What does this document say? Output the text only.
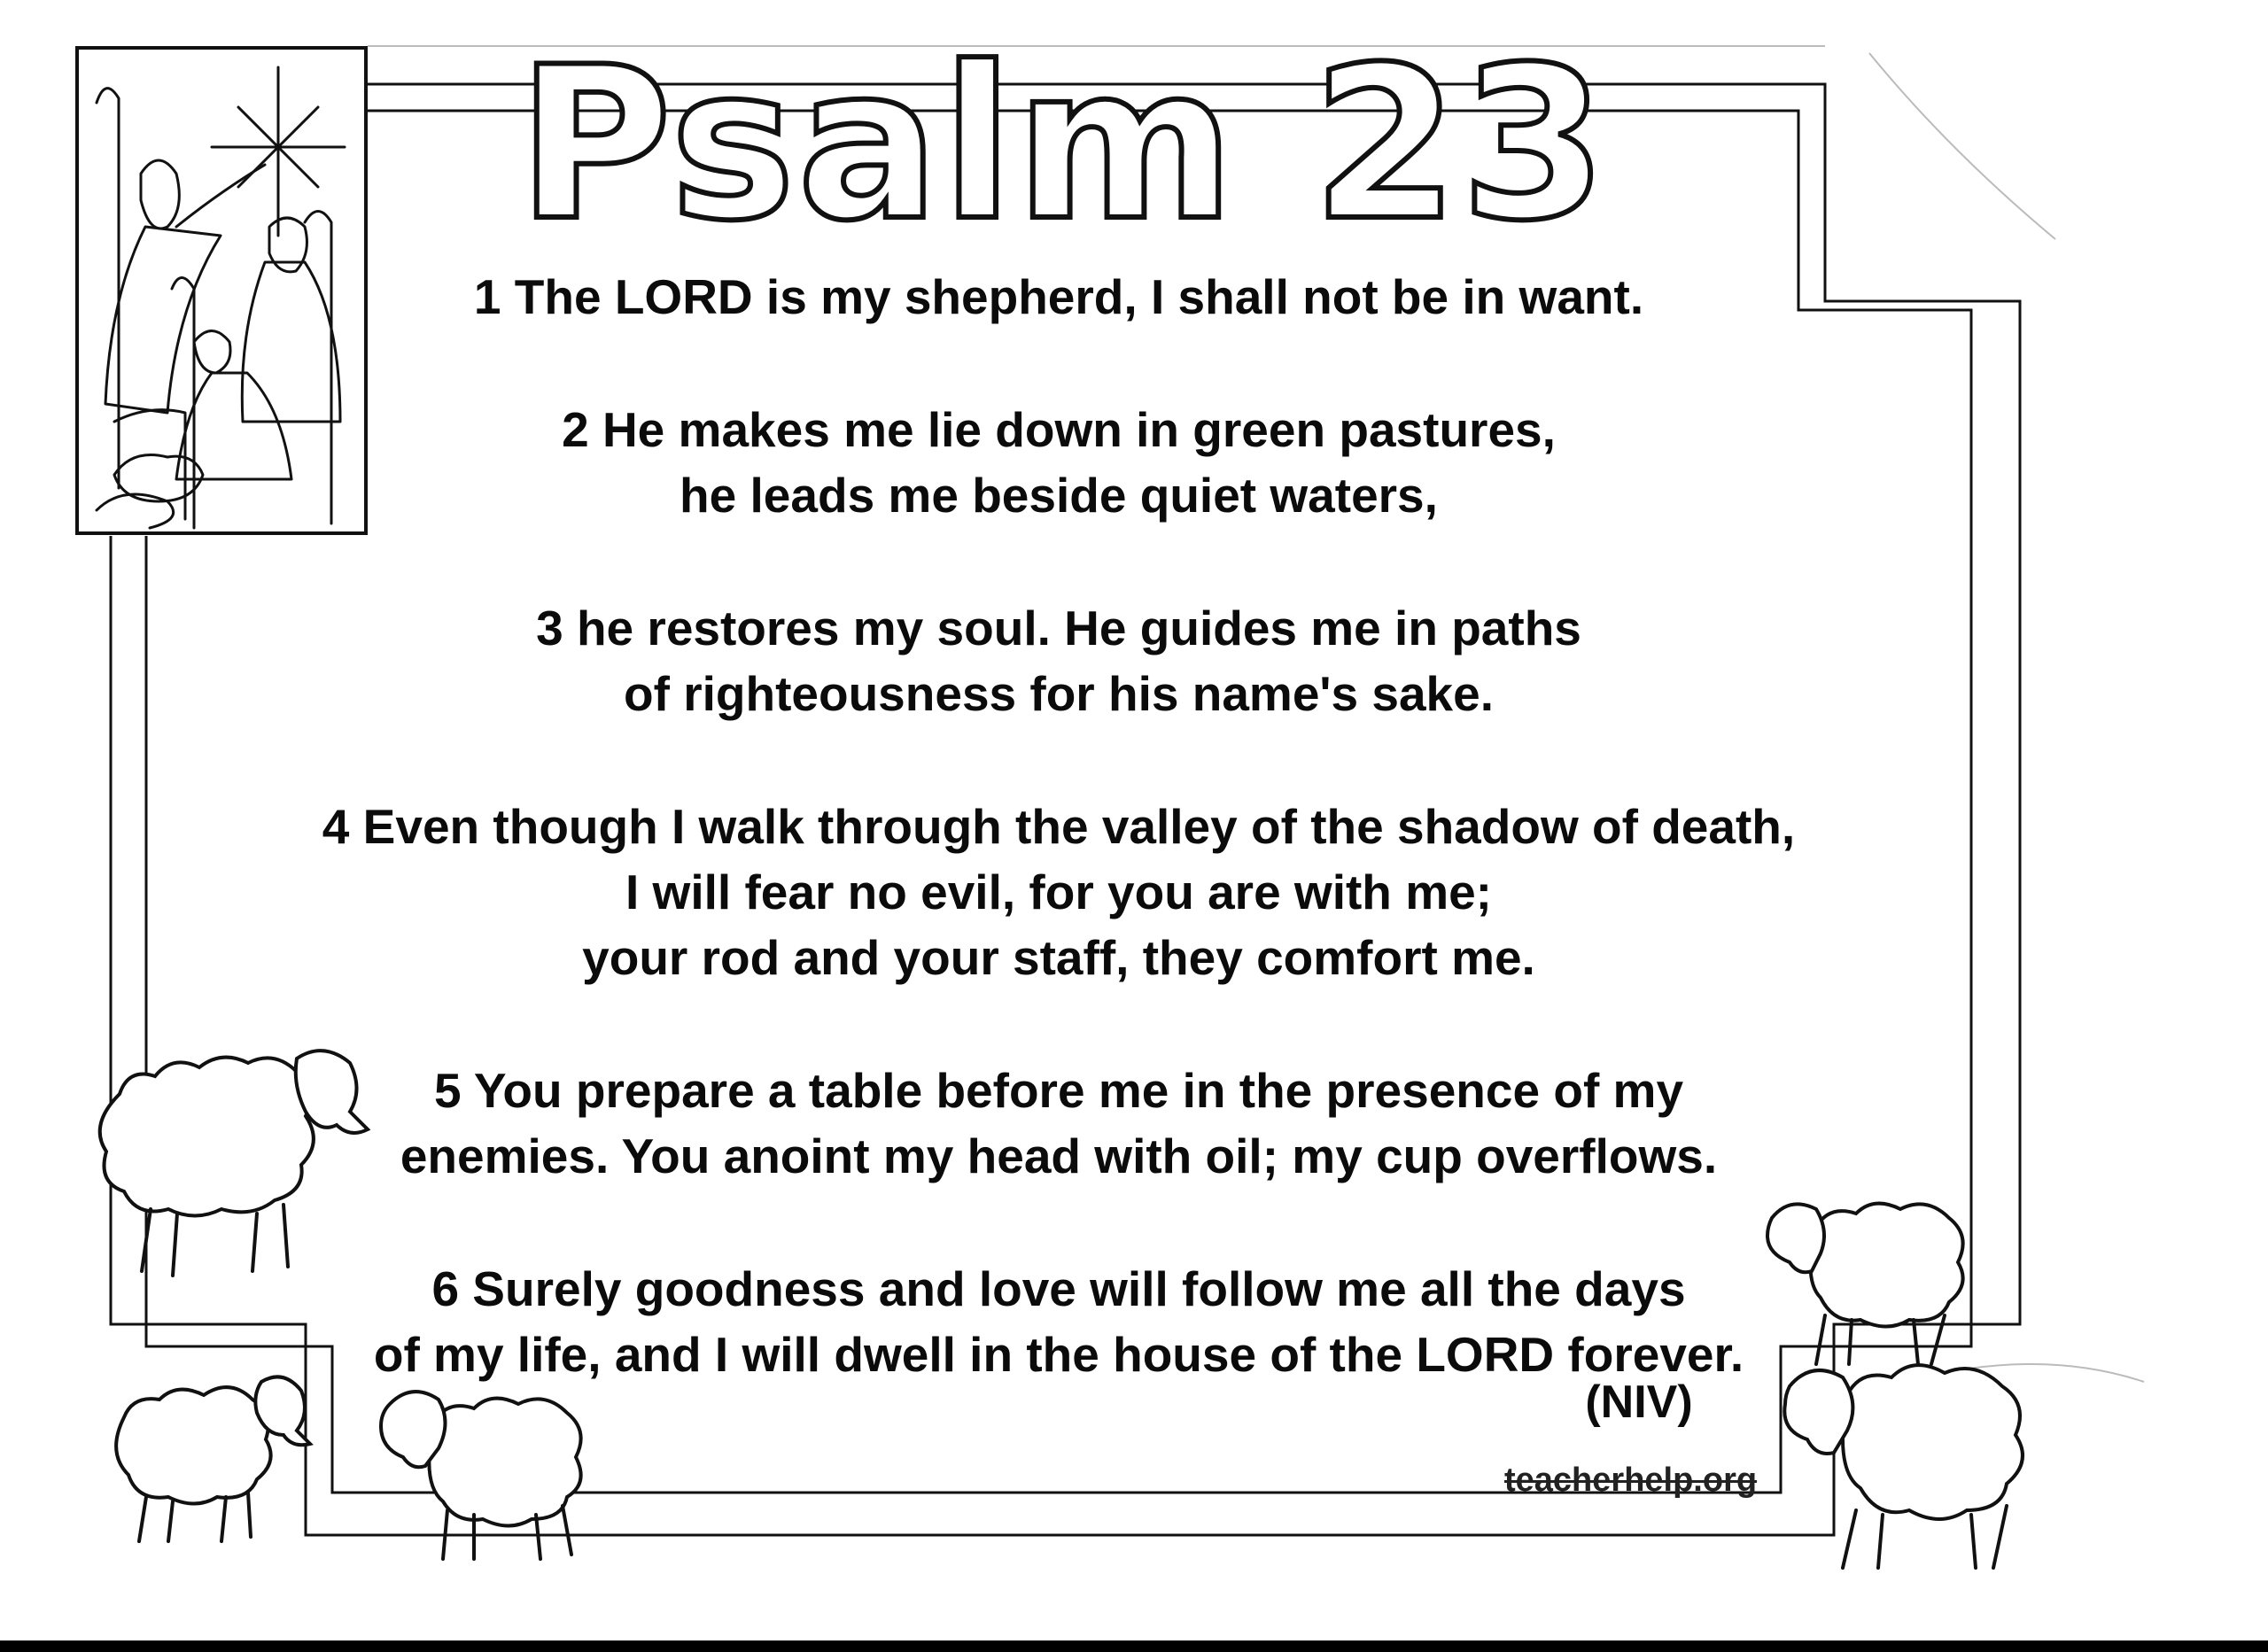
Psalm 23
1 The LORD is my shepherd, I shall not be in want.
2 He makes me lie down in green pastures,
he leads me beside quiet waters,
3 he restores my soul. He guides me in paths
of righteousness for his name's sake.
4 Even though I walk through the valley of the shadow of death,
I will fear no evil, for you are with me;
your rod and your staff, they comfort me.
5 You prepare a table before me in the presence of my
enemies. You anoint my head with oil; my cup overflows.
6 Surely goodness and love will follow me all the days
of my life, and I will dwell in the house of the LORD forever.
(NIV)
teacherhelp.org
